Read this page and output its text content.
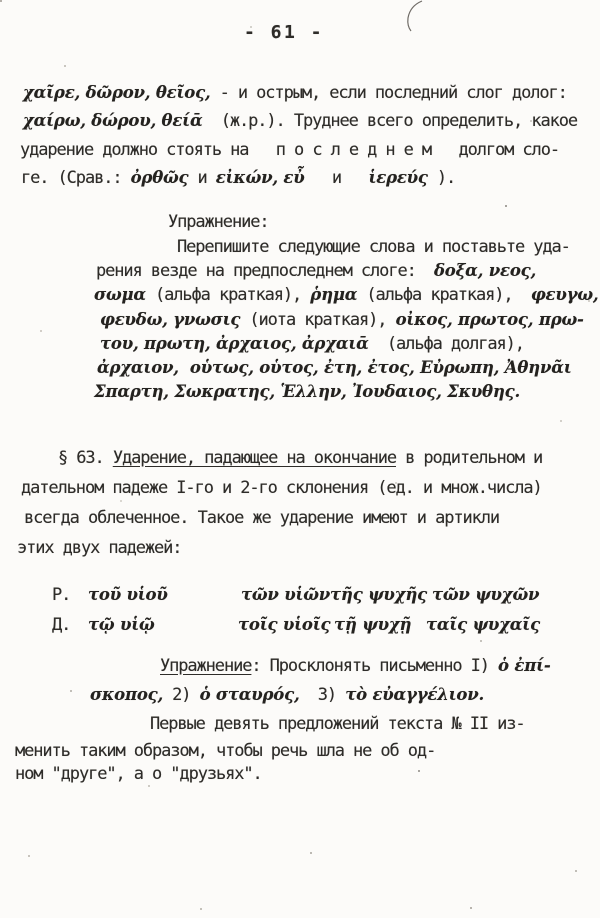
- 61 -
χαῖρε, δῶρον, θεῖος, - и острым, если последний слог долог:
χαίρω, δώρου, θείᾱ  (ж.р.). Труднее всего определить, какое
ударение должно стоять на   п о с л е д н е м   долгом сло-
ге. (Срав.: ὀρθῶς и εἰκών, εὖ   и   ἱερεύς ).
Упражнение:
Перепишите следующие слова и поставьте уда-
рения везде на предпоследнем слоге:  δοξα, νεος,
σωμα (альфа краткая), ῥημα (альфа краткая),  φευγω,
φευδω, γνωσις (иота краткая), οἰκος, πρωτος, πρω-
του, πρωτη, ἀρχαιος, ἀρχαιᾱ  (альфа долгая),
ἀρχαιον,  οὑτως, οὑτος, ἐτη, ἐτος, Εὐρωπη, Ἀθηνᾶι
Σπαρτη, Σωκρατης, Ἑλλην, Ἰουδαιος, Σκυθης.
§ 63. Ударение, падающее на окончание в родительном и
дательном падеже I-го и 2-го склонения (ед. и множ.числа)
всегда облеченное. Такое же ударение имеют и артикли
этих двух падежей:
Р. τοῦ υἱοῦ	τῶν υἱῶν τῆς ψυχῆς τῶν ψυχῶν
Д. τῷ υἱῷ	τοῖς υἱοῖς τῇ ψυχῇ ταῖς ψυχαῖς
Упражнение: Просклонять письменно I) ὁ ἐπί-
σκοπος, 2) ὁ σταυρός,  3) τὸ εὐαγγέλιον.
Первые девять предложений текста № II из-
менить таким образом, чтобы речь шла не об од-
ном "друге", а о "друзьях".
